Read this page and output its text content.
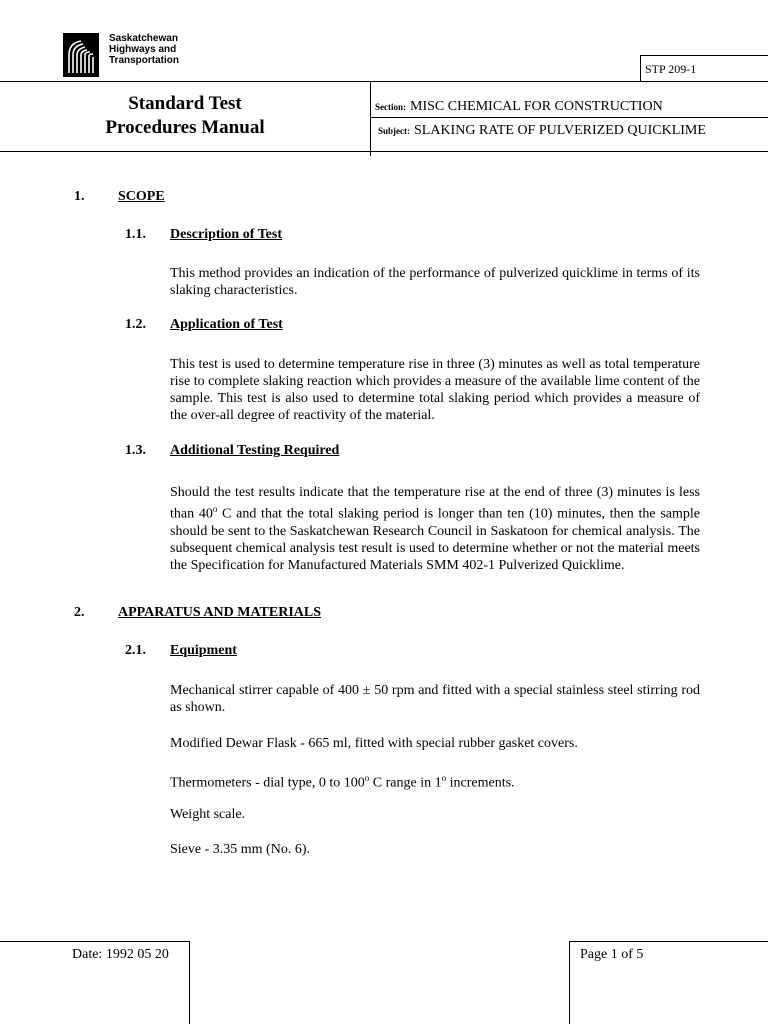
Saskatchewan
Highways and
Transportation
STP 209-1
Standard Test
Procedures Manual
Section: MISC CHEMICAL FOR CONSTRUCTION
Subject: SLAKING RATE OF PULVERIZED QUICKLIME
1. SCOPE
1.1. Description of Test
This method provides an indication of the performance of pulverized quicklime in terms of its slaking characteristics.
1.2. Application of Test
This test is used to determine temperature rise in three (3) minutes as well as total temperature rise to complete slaking reaction which provides a measure of the available lime content of the sample. This test is also used to determine total slaking period which provides a measure of the over-all degree of reactivity of the material.
1.3. Additional Testing Required
Should the test results indicate that the temperature rise at the end of three (3) minutes is less than 40$^o$ C and that the total slaking period is longer than ten (10) minutes, then the sample should be sent to the Saskatchewan Research Council in Saskatoon for chemical analysis. The subsequent chemical analysis test result is used to determine whether or not the material meets the Specification for Manufactured Materials SMM 402-1 Pulverized Quicklime.
2. APPARATUS AND MATERIALS
2.1. Equipment
Mechanical stirrer capable of 400 ± 50 rpm and fitted with a special stainless steel stirring rod as shown.
Modified Dewar Flask - 665 ml, fitted with special rubber gasket covers.
Thermometers - dial type, 0 to 100$^o$ C range in 1$^o$ increments.
Weight scale.
Sieve - 3.35 mm (No. 6).
Date: 1992 05 20	Page 1 of 5
